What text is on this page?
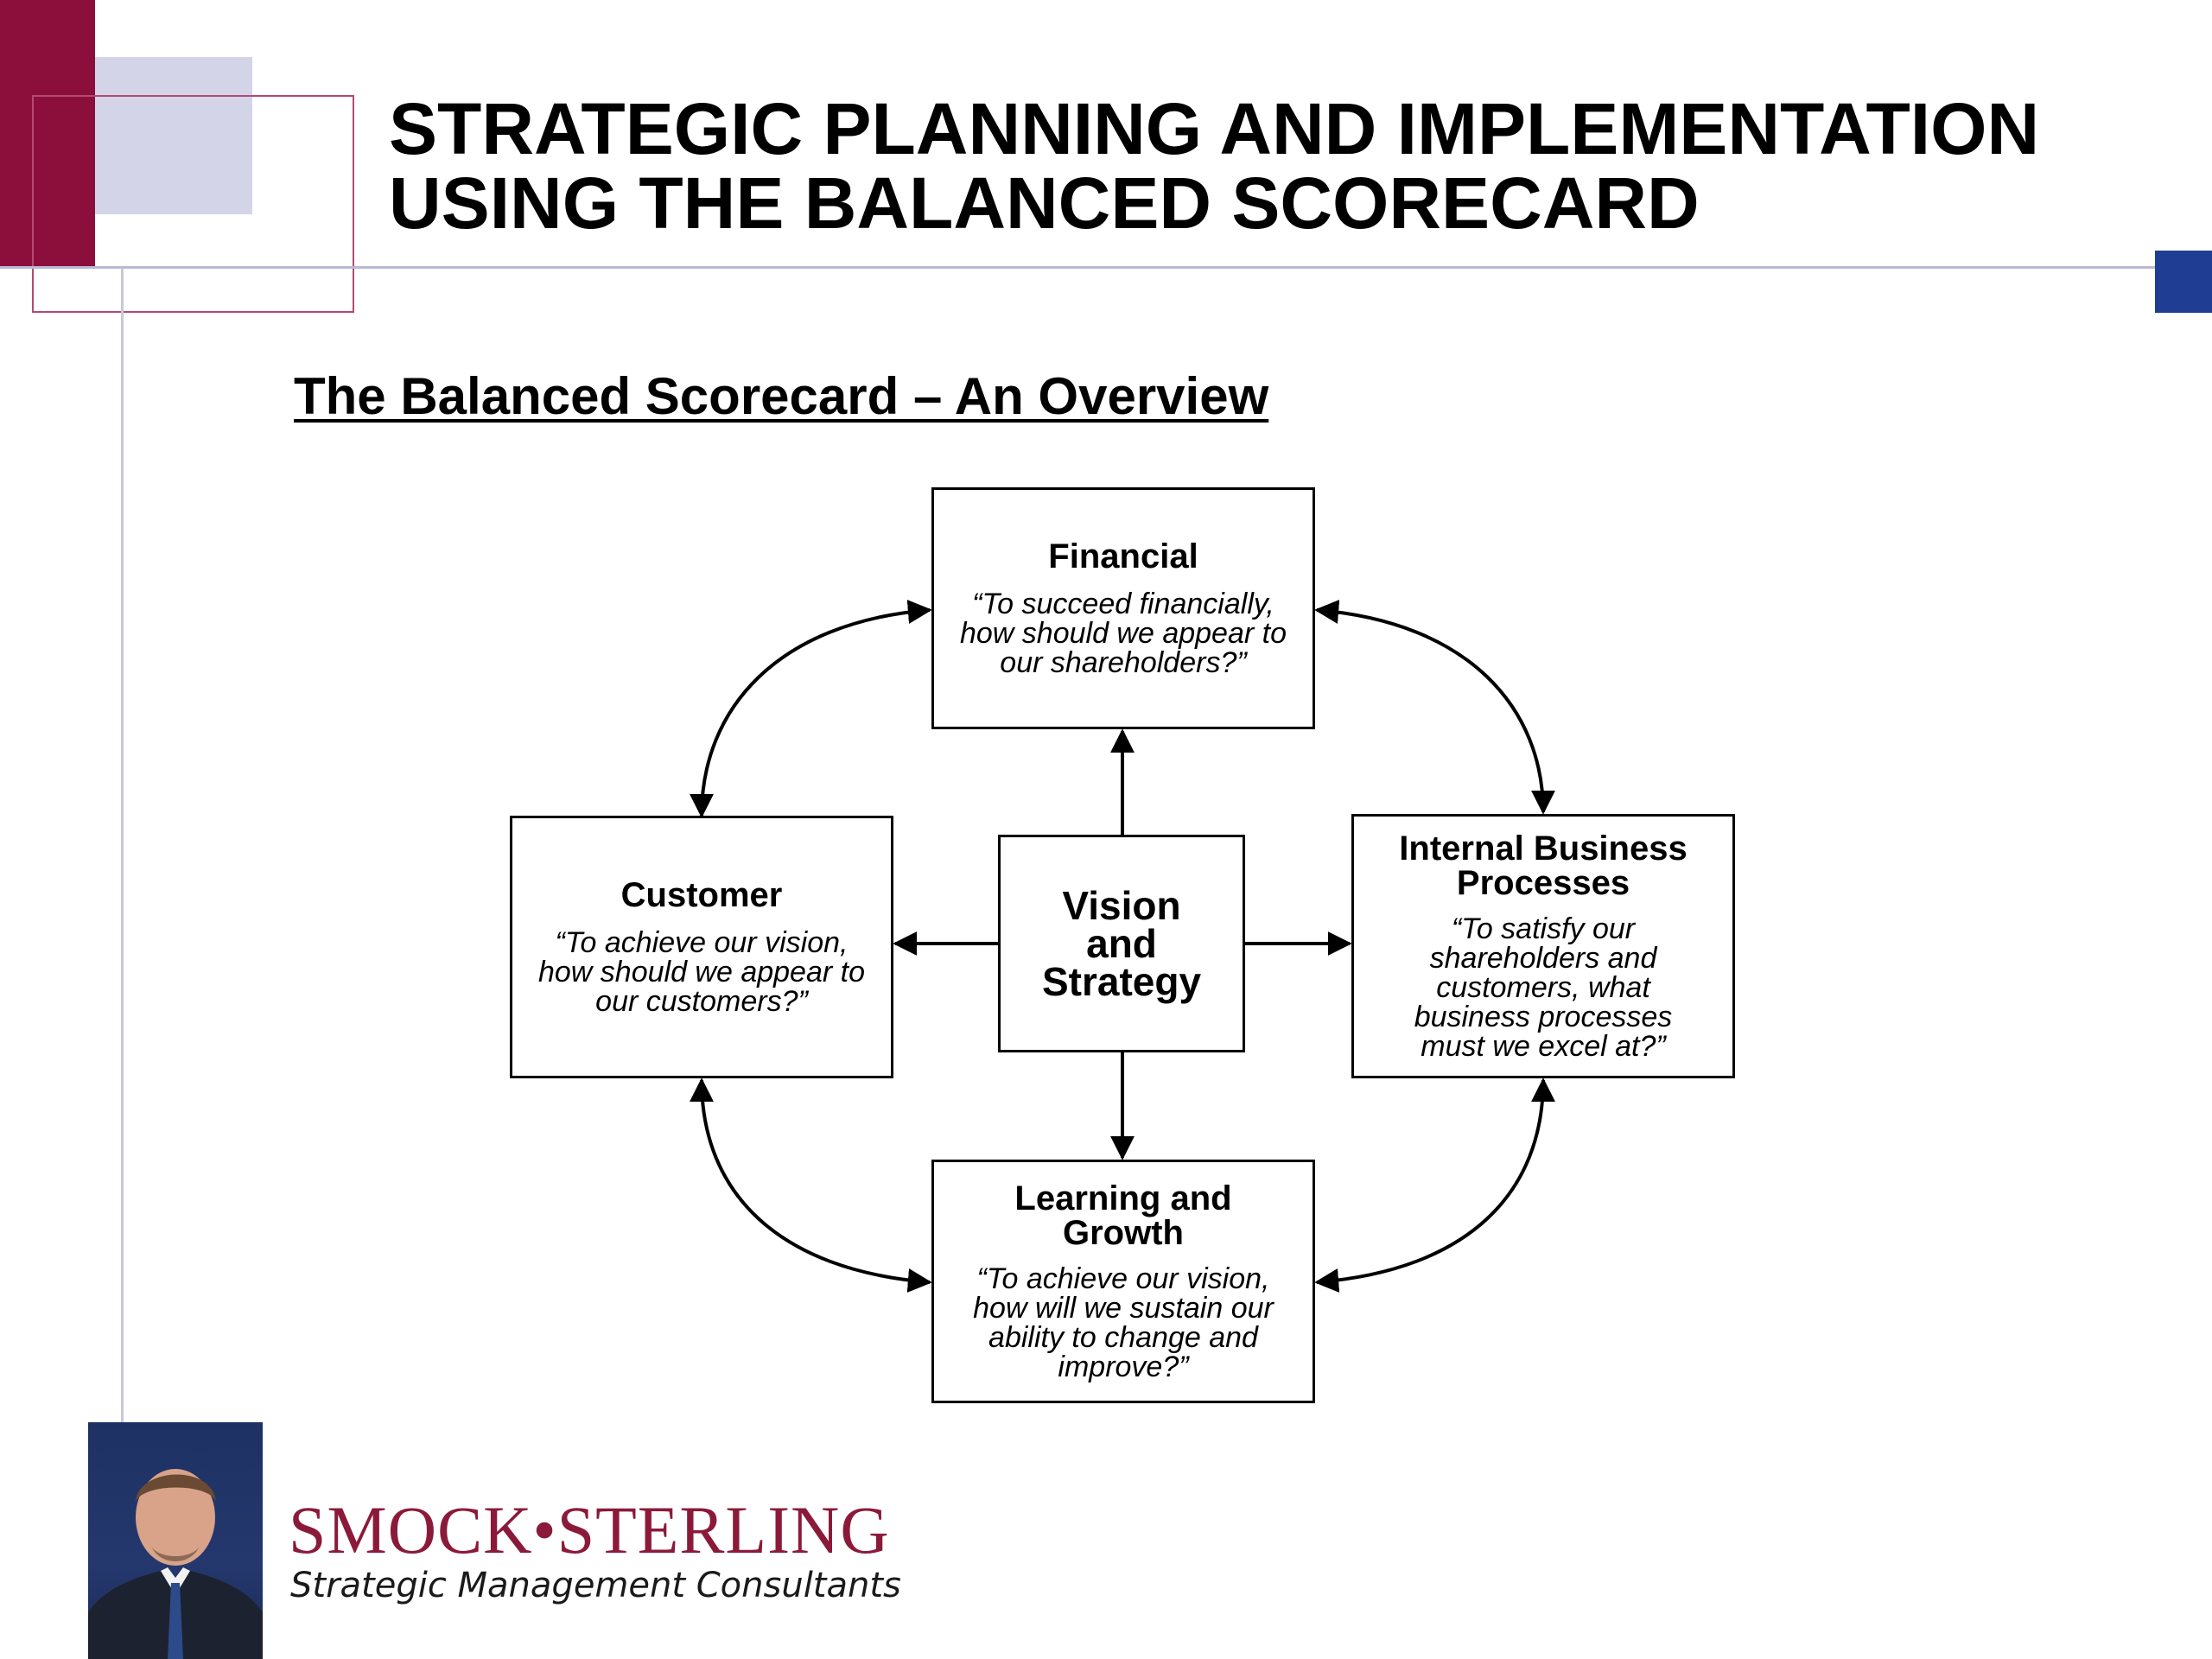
STRATEGIC PLANNING AND IMPLEMENTATION
USING THE BALANCED SCORECARD
The Balanced Scorecard – An Overview
Financial
“To succeed financially, how should we appear to our shareholders?”
Customer
“To achieve our vision, how should we appear to our customers?”
Vision and Strategy
Internal Business Processes
“To satisfy our shareholders and customers, what business processes must we excel at?”
Learning and Growth
“To achieve our vision, how will we sustain our ability to change and improve?”
SMOCK•STERLING
Strategic Management Consultants
